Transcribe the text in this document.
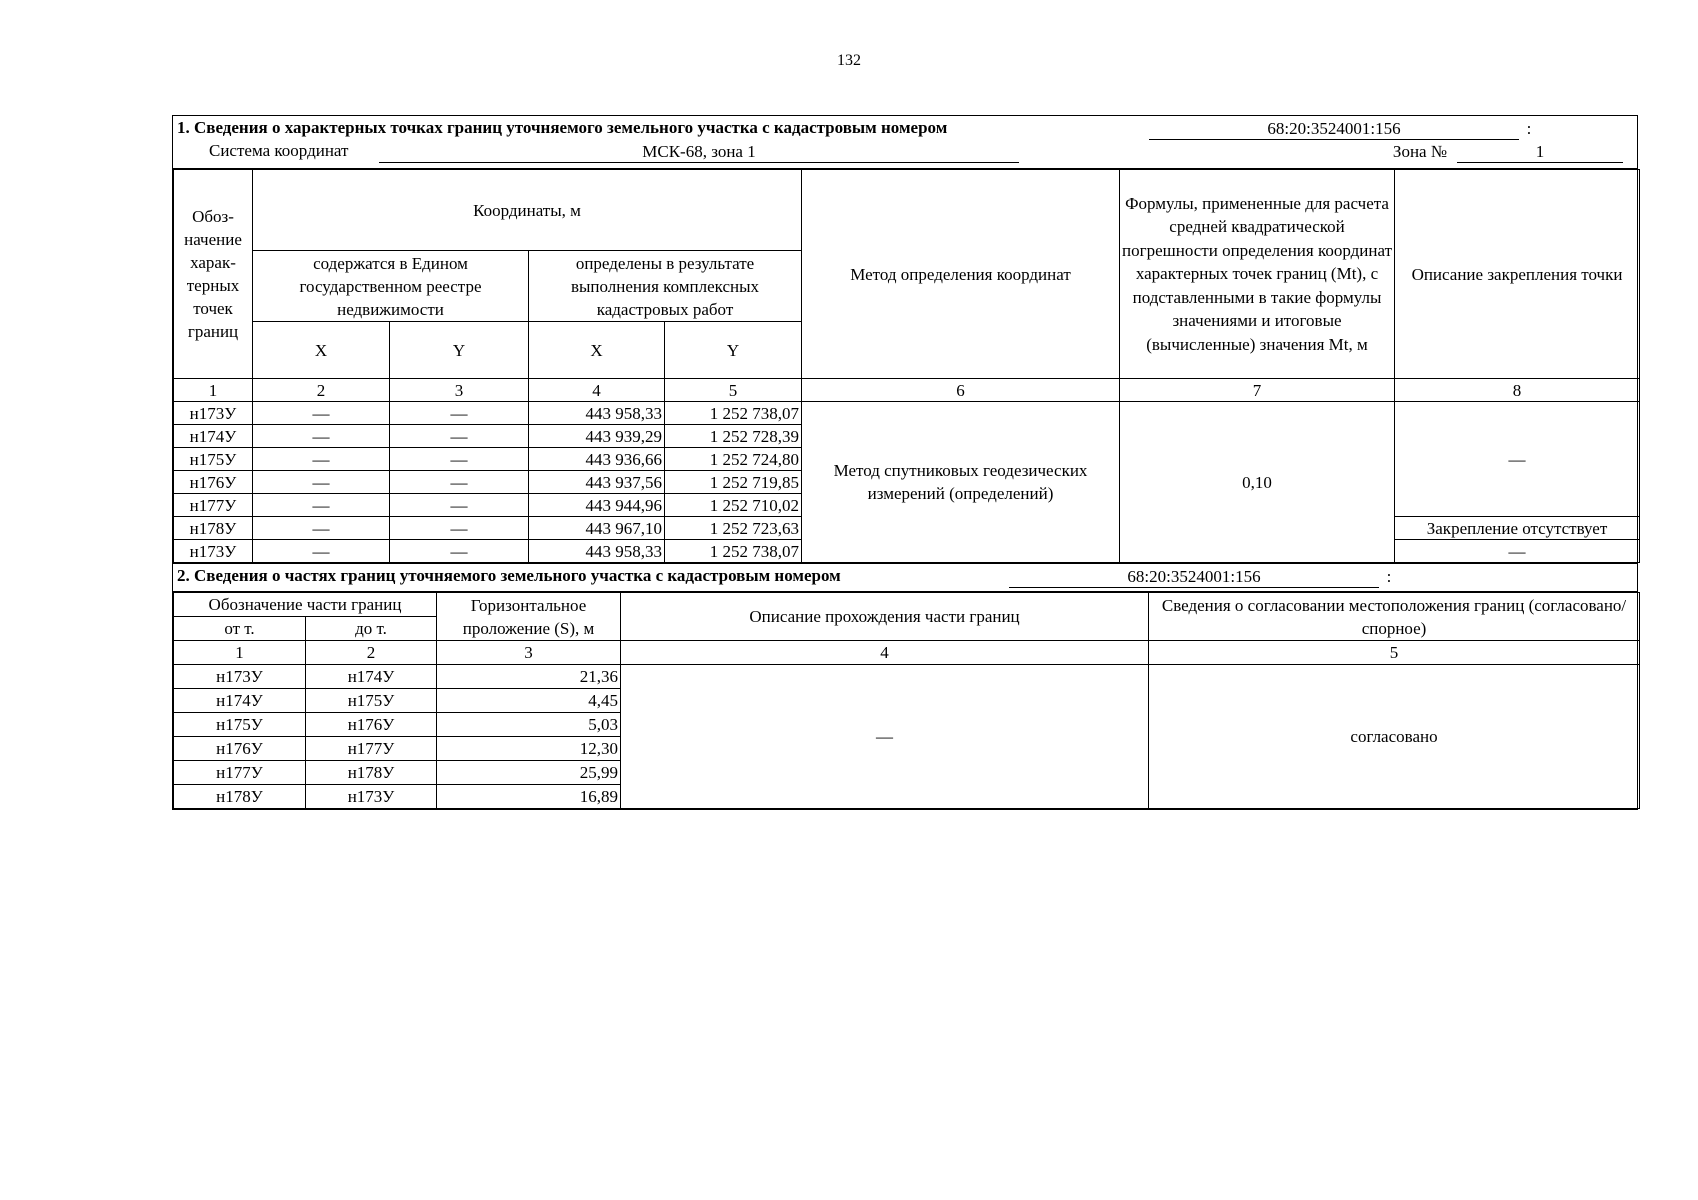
132
1. Сведения о характерных точках границ уточняемого земельного участка с кадастровым номером	68:20:3524001:156	:
Система координат	МСК-68, зона 1	Зона №	1
Обоз-начение харак-терных точек границ	Координаты, м				Метод определения координат	Формулы, примененные для расчета средней квадратической погрешности определения координат характерных точек границ (Mt), с подставленными в такие формулы значениями и итоговые (вычисленные) значения Mt, м	Описание закрепления точки
	содержатся в Едином государственном реестре недвижимости		определены в результате выполнения комплексных кадастровых работ				
	X	Y	X	Y			
1	2	3	4	5	6	7	8
н173У	—	—	443 958,33	1 252 738,07	Метод спутниковых геодезических измерений (определений)	0,10	—
н174У	—	—	443 939,29	1 252 728,39			
н175У	—	—	443 936,66	1 252 724,80			
н176У	—	—	443 937,56	1 252 719,85			
н177У	—	—	443 944,96	1 252 710,02			
н178У	—	—	443 967,10	1 252 723,63			Закрепление отсутствует
н173У	—	—	443 958,33	1 252 738,07			—
2. Сведения о частях границ уточняемого земельного участка с кадастровым номером	68:20:3524001:156	:
Обозначение части границ		Горизонтальное проложение (S), м	Описание прохождения части границ	Сведения о согласовании местоположения границ (согласовано/спорное)
от т.	до т.			
1	2	3	4	5
н173У	н174У	21,36	—	согласовано
н174У	н175У	4,45		
н175У	н176У	5,03		
н176У	н177У	12,30		
н177У	н178У	25,99		
н178У	н173У	16,89		
